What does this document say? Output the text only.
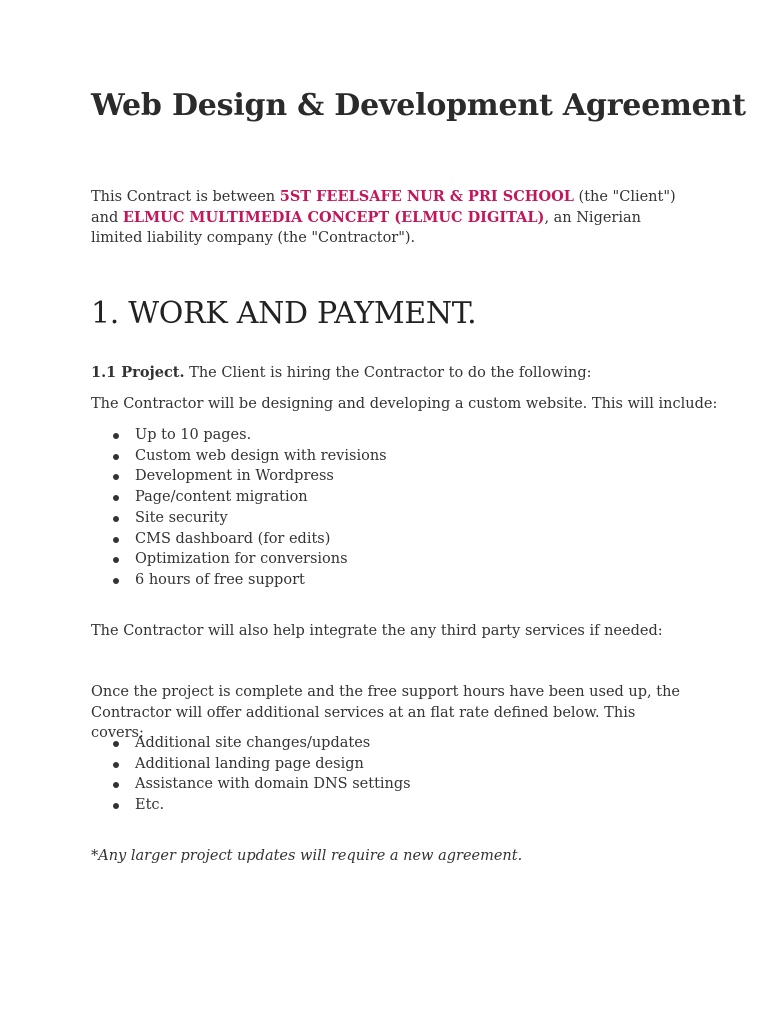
Web Design & Development Agreement

This Contract is between 5ST FEELSAFE NUR & PRI SCHOOL (the "Client") and ELMUC MULTIMEDIA CONCEPT (ELMUC DIGITAL), an Nigerian limited liability company (the "Contractor").

1. WORK AND PAYMENT.

1.1 Project. The Client is hiring the Contractor to do the following:

The Contractor will be designing and developing a custom website. This will include:

Up to 10 pages.
Custom web design with revisions
Development in Wordpress
Page/content migration
Site security
CMS dashboard (for edits)
Optimization for conversions
6 hours of free support

The Contractor will also help integrate the any third party services if needed:

Once the project is complete and the free support hours have been used up, the Contractor will offer additional services at an flat rate defined below. This covers:

Additional site changes/updates
Additional landing page design
Assistance with domain DNS settings
Etc.

*Any larger project updates will require a new agreement.
